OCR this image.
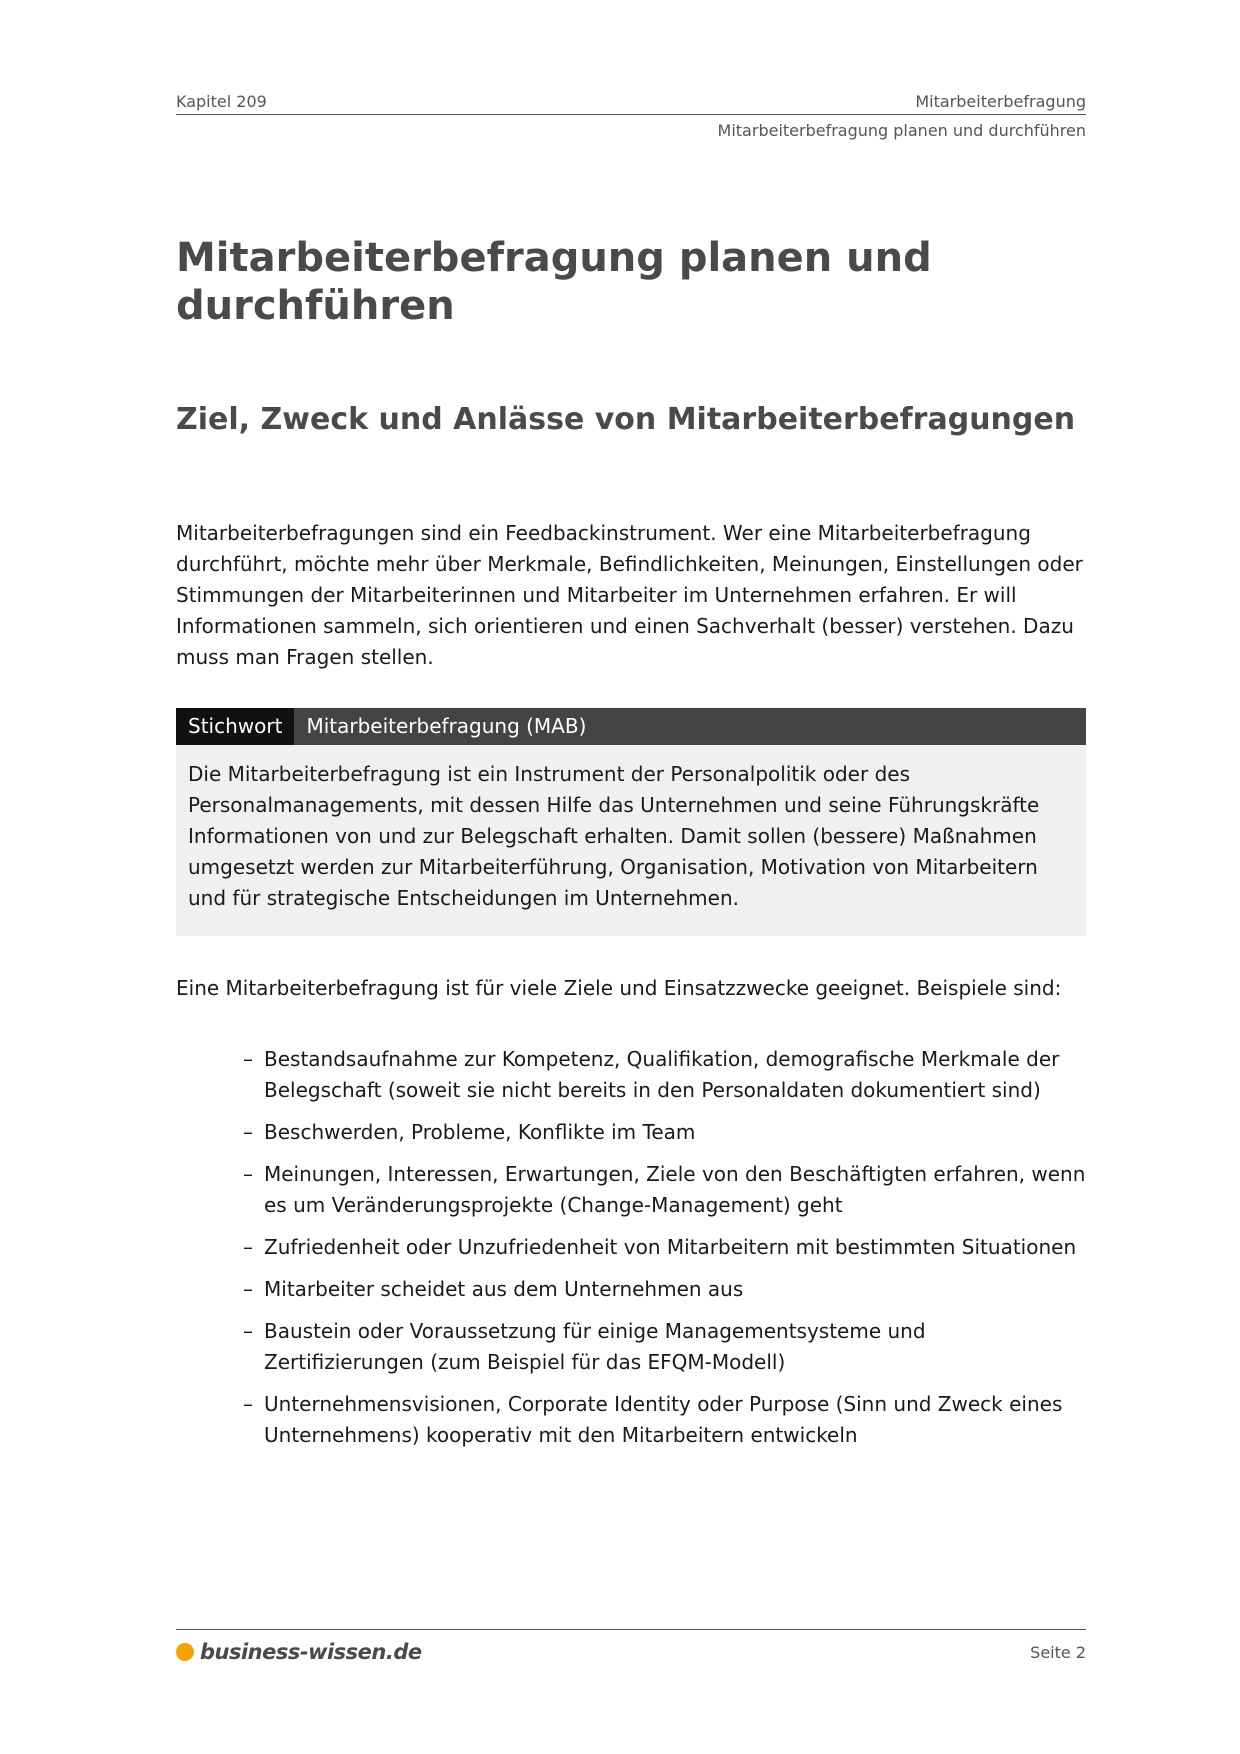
Kapitel 209	Mitarbeiterbefragung
Mitarbeiterbefragung planen und durchführen
Mitarbeiterbefragung planen und durchführen
Ziel, Zweck und Anlässe von Mitarbeiterbefragungen

Mitarbeiterbefragungen sind ein Feedbackinstrument. Wer eine Mitarbeiterbefragung durchführt, möchte mehr über Merkmale, Befindlichkeiten, Meinungen, Einstellungen oder Stimmungen der Mitarbeiterinnen und Mitarbeiter im Unternehmen erfahren. Er will Informationen sammeln, sich orientieren und einen Sachverhalt (besser) verstehen. Dazu muss man Fragen stellen.

Stichwort	Mitarbeiterbefragung (MAB)
Die Mitarbeiterbefragung ist ein Instrument der Personalpolitik oder des Personalmanagements, mit dessen Hilfe das Unternehmen und seine Führungskräfte Informationen von und zur Belegschaft erhalten. Damit sollen (bessere) Maßnahmen umgesetzt werden zur Mitarbeiterführung, Organisation, Motivation von Mitarbeitern und für strategische Entscheidungen im Unternehmen.

Eine Mitarbeiterbefragung ist für viele Ziele und Einsatzzwecke geeignet. Beispiele sind:

– Bestandsaufnahme zur Kompetenz, Qualifikation, demografische Merkmale der Belegschaft (soweit sie nicht bereits in den Personaldaten dokumentiert sind)
– Beschwerden, Probleme, Konflikte im Team
– Meinungen, Interessen, Erwartungen, Ziele von den Beschäftigten erfahren, wenn es um Veränderungsprojekte (Change-Management) geht
– Zufriedenheit oder Unzufriedenheit von Mitarbeitern mit bestimmten Situationen
– Mitarbeiter scheidet aus dem Unternehmen aus
– Baustein oder Voraussetzung für einige Managementsysteme und Zertifizierungen (zum Beispiel für das EFQM-Modell)
– Unternehmensvisionen, Corporate Identity oder Purpose (Sinn und Zweck eines Unternehmens) kooperativ mit den Mitarbeitern entwickeln
business-wissen.de	Seite 2
